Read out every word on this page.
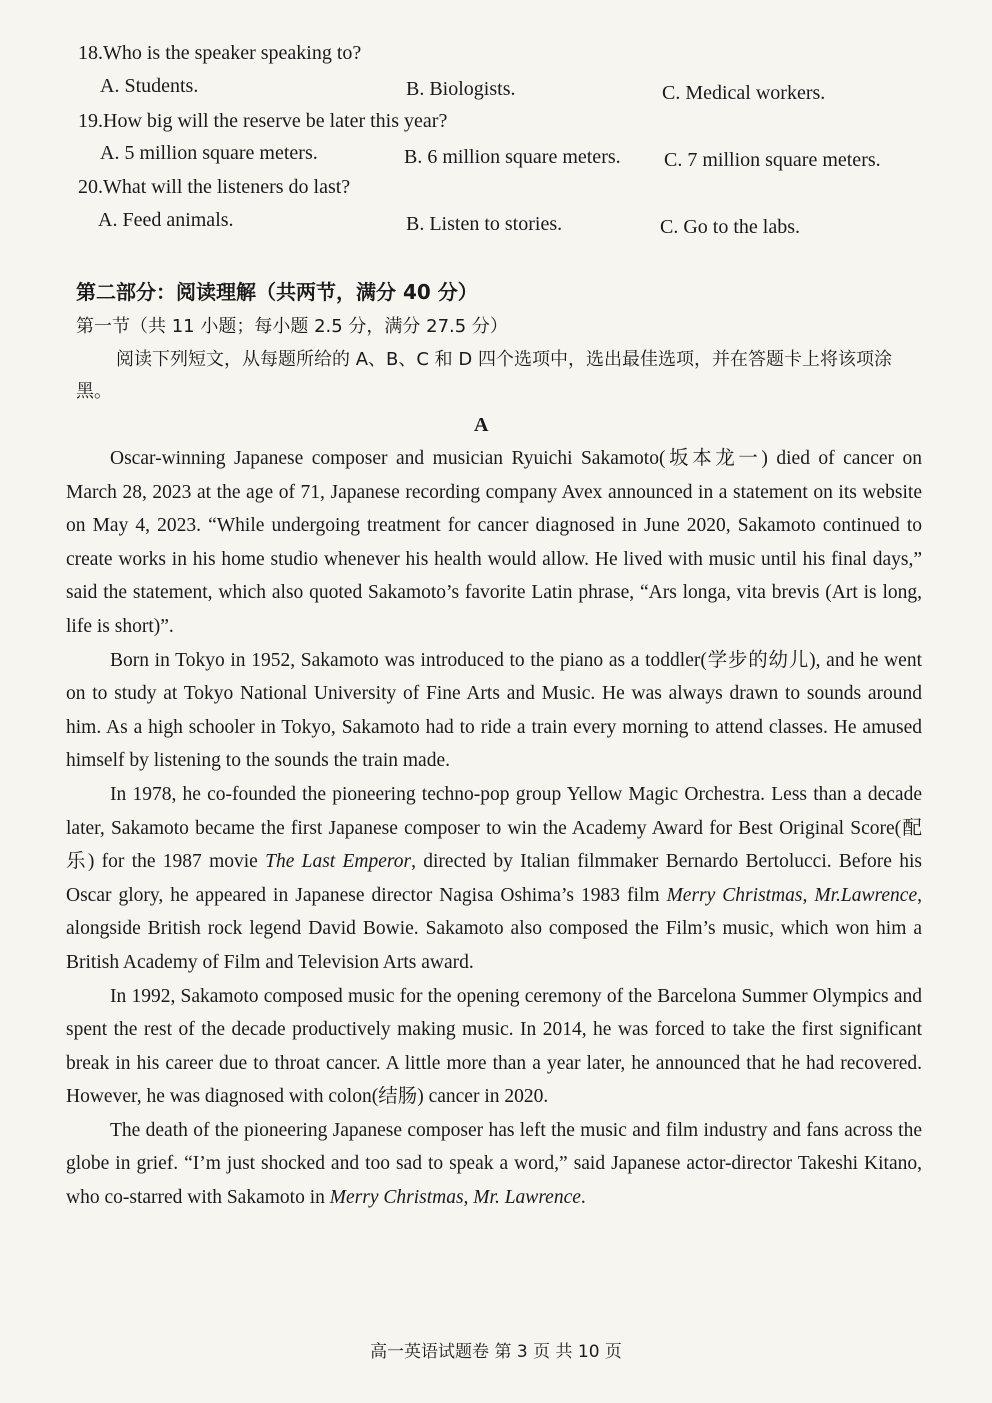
18.Who is the speaker speaking to?
A. Students.	B. Biologists.	C. Medical workers.
19.How big will the reserve be later this year?
A. 5 million square meters.	B. 6 million square meters. C. 7 million square meters.
20.What will the listeners do last?
A. Feed animals.	B. Listen to stories.	C. Go to the labs.
第二部分：阅读理解（共两节，满分 40 分）
第一节（共 11 小题；每小题 2.5 分，满分 27.5 分）
阅读下列短文，从每题所给的 A、B、C 和 D 四个选项中，选出最佳选项，并在答题卡上将该项涂黑。
A

Oscar-winning Japanese composer and musician Ryuichi Sakamoto(坂本龙一) died of cancer on March 28, 2023 at the age of 71, Japanese recording company Avex announced in a statement on its website on May 4, 2023. “While undergoing treatment for cancer diagnosed in June 2020, Sakamoto continued to create works in his home studio whenever his health would allow. He lived with music until his final days,” said the statement, which also quoted Sakamoto’s favorite Latin phrase, “Ars longa, vita brevis (Art is long, life is short)”.

Born in Tokyo in 1952, Sakamoto was introduced to the piano as a toddler(学步的幼儿), and he went on to study at Tokyo National University of Fine Arts and Music. He was always drawn to sounds around him. As a high schooler in Tokyo, Sakamoto had to ride a train every morning to attend classes. He amused himself by listening to the sounds the train made.

In 1978, he co-founded the pioneering techno-pop group Yellow Magic Orchestra. Less than a decade later, Sakamoto became the first Japanese composer to win the Academy Award for Best Original Score(配乐) for the 1987 movie The Last Emperor, directed by Italian filmmaker Bernardo Bertolucci. Before his Oscar glory, he appeared in Japanese director Nagisa Oshima’s 1983 film Merry Christmas, Mr.Lawrence, alongside British rock legend David Bowie. Sakamoto also composed the Film’s music, which won him a British Academy of Film and Television Arts award.

In 1992, Sakamoto composed music for the opening ceremony of the Barcelona Summer Olympics and spent the rest of the decade productively making music. In 2014, he was forced to take the first significant break in his career due to throat cancer. A little more than a year later, he announced that he had recovered. However, he was diagnosed with colon(结肠) cancer in 2020.

The death of the pioneering Japanese composer has left the music and film industry and fans across the globe in grief. “I’m just shocked and too sad to speak a word,” said Japanese actor-director Takeshi Kitano, who co-starred with Sakamoto in Merry Christmas, Mr. Lawrence.

高一英语试题卷 第 3 页 共 10 页
